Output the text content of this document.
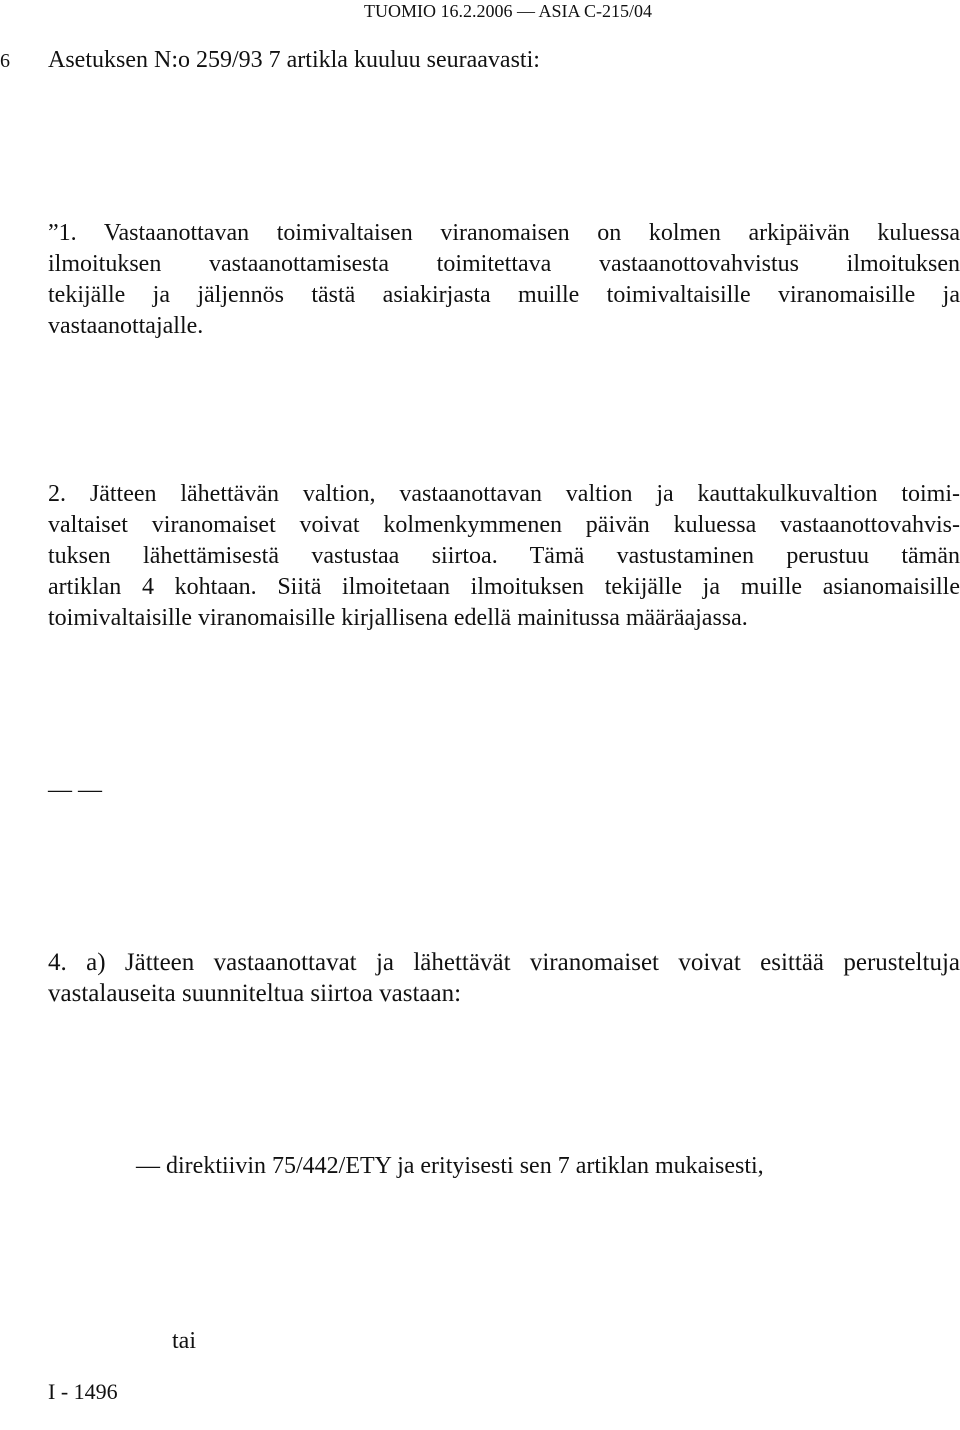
TUOMIO 16.2.2006 — ASIA C-215/04
6 Asetuksen N:o 259/93 7 artikla kuuluu seuraavasti:
”1. Vastaanottavan toimivaltaisen viranomaisen on kolmen arkipäivän kuluessa
ilmoituksen vastaanottamisesta toimitettava vastaanottovahvistus ilmoituksen
tekijälle ja jäljennös tästä asiakirjasta muille toimivaltaisille viranomaisille ja
vastaanottajalle.
2. Jätteen lähettävän valtion, vastaanottavan valtion ja kauttakulkuvaltion toimi-
valtaiset viranomaiset voivat kolmenkymmenen päivän kuluessa vastaanottovahvis-
tuksen lähettämisestä vastustaa siirtoa. Tämä vastustaminen perustuu tämän
artiklan 4 kohtaan. Siitä ilmoitetaan ilmoituksen tekijälle ja muille asianomaisille
toimivaltaisille viranomaisille kirjallisena edellä mainitussa määräajassa.
— —
4. a) Jätteen vastaanottavat ja lähettävät viranomaiset voivat esittää perusteltuja
vastalauseita suunniteltua siirtoa vastaan:
— direktiivin 75/442/ETY ja erityisesti sen 7 artiklan mukaisesti,
tai
I - 1496
